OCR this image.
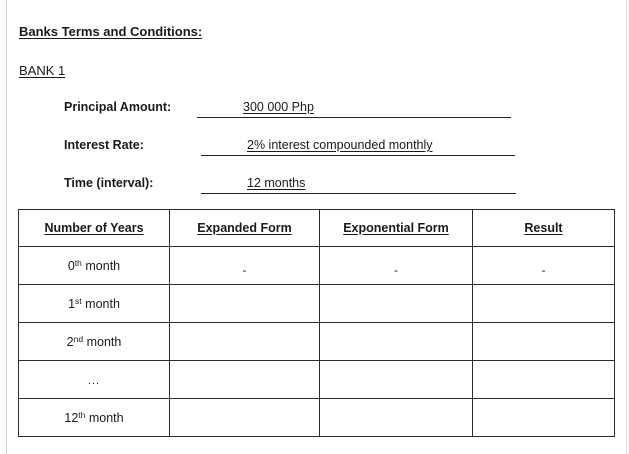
Banks Terms and Conditions:
BANK 1
Principal Amount:	300 000 Php
Interest Rate:	2% interest compounded monthly
Time (interval):	12 months
Number of Years	Expanded Form	Exponential Form	Result
0th month	-	-	-
1st month			
2nd month			
...			
12th month			
